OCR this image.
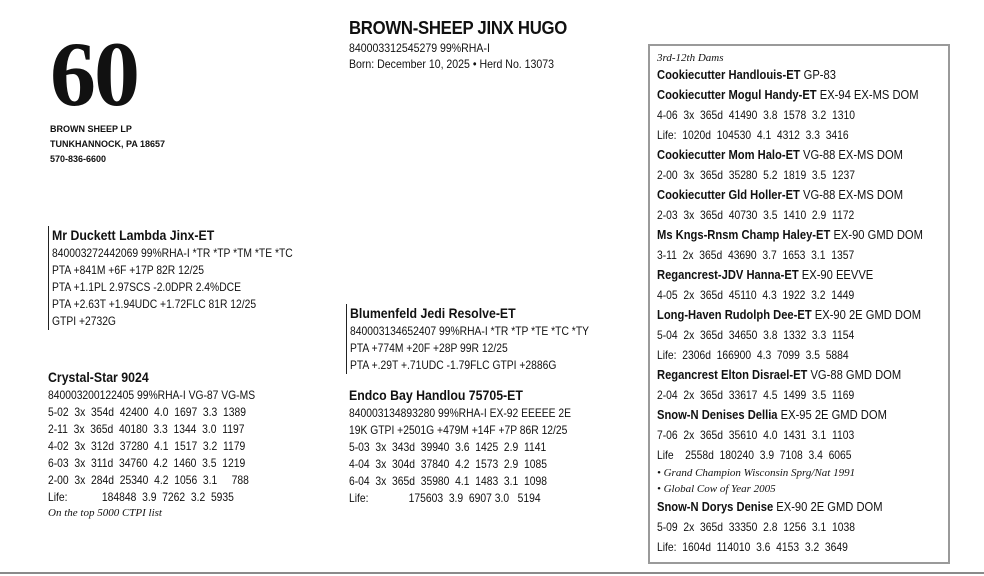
60
BROWN SHEEP LP
TUNKHANNOCK, PA 18657
570-836-6600
BROWN-SHEEP JINX HUGO
840003312545279 99%RHA-I
Born: December 10, 2025 • Herd No. 13073
Mr Duckett Lambda Jinx-ET
840003272442069 99%RHA-I *TR *TP *TM *TE *TC
PTA +841M +6F +17P 82R 12/25
PTA +1.1PL 2.97SCS -2.0DPR 2.4%DCE
PTA +2.63T +1.94UDC +1.72FLC 81R 12/25
GTPI +2732G
Crystal-Star 9024
840003200122405 99%RHA-I VG-87 VG-MS
5-02  3x  354d  42400  4.0  1697  3.3  1389
2-11  3x  365d  40180  3.3  1344  3.0  1197
4-02  3x  312d  37280  4.1  1517  3.2  1179
6-03  3x  311d  34760  4.2  1460  3.5  1219
2-00  3x  284d  25340  4.2  1056  3.1     788
Life:            184848  3.9  7262  3.2  5935
On the top 5000 CTPI list
Blumenfeld Jedi Resolve-ET
840003134652407 99%RHA-I *TR *TP *TE *TC *TY
PTA +774M +20F +28P 99R 12/25
PTA +.29T +.71UDC -1.79FLC GTPI +2886G
Endco Bay Handlou 75705-ET
840003134893280 99%RHA-I EX-92 EEEEE 2E
19K GTPI +2501G +479M +14F +7P 86R 12/25
5-03  3x  343d  39940  3.6  1425  2.9  1141
4-04  3x  304d  37840  4.2  1573  2.9  1085
6-04  3x  365d  35980  4.1  1483  3.1  1098
Life:              175603  3.9  6907 3.0   5194
3rd-12th Dams
Cookiecutter Handlouis-ET GP-83
Cookiecutter Mogul Handy-ET EX-94 EX-MS DOM
4-06  3x  365d  41490  3.8  1578  3.2  1310
Life:  1020d  104530  4.1  4312  3.3  3416
Cookiecutter Mom Halo-ET VG-88 EX-MS DOM
2-00  3x  365d  35280  5.2  1819  3.5  1237
Cookiecutter Gld Holler-ET VG-88 EX-MS DOM
2-03  3x  365d  40730  3.5  1410  2.9  1172
Ms Kngs-Rnsm Champ Haley-ET EX-90 GMD DOM
3-11  2x  365d  43690  3.7  1653  3.1  1357
Regancrest-JDV Hanna-ET EX-90 EEVVE
4-05  2x  365d  45110  4.3  1922  3.2  1449
Long-Haven Rudolph Dee-ET EX-90 2E GMD DOM
5-04  2x  365d  34650  3.8  1332  3.3  1154
Life:  2306d  166900  4.3  7099  3.5  5884
Regancrest Elton Disrael-ET VG-88 GMD DOM
2-04  2x  365d  33617  4.5  1499  3.5  1169
Snow-N Denises Dellia EX-95 2E GMD DOM
7-06  2x  365d  35610  4.0  1431  3.1  1103
Life    2558d  180240  3.9  7108  3.4  6065
• Grand Champion Wisconsin Sprg/Nat 1991
• Global Cow of Year 2005
Snow-N Dorys Denise EX-90 2E GMD DOM
5-09  2x  365d  33350  2.8  1256  3.1  1038
Life:  1604d  114010  3.6  4153  3.2  3649
